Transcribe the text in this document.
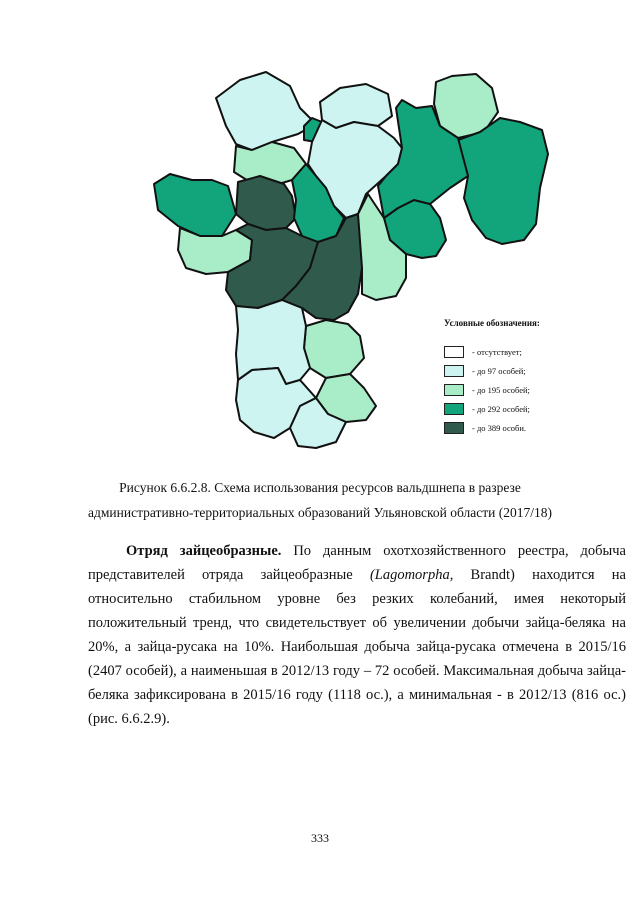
Условные обозначения:
- отсутствует;
- до 97 особей;
- до 195 особей;
- до 292 особей;
- до 389 особи.
Рисунок 6.6.2.8. Схема использования ресурсов вальдшнепа в разрезе
административно-территориальных образований Ульяновской области (2017/18)

Отряд зайцеобразные. По данным охотхозяйственного реестра, добыча представителей отряда зайцеобразные (Lagomorpha, Brandt) находится на относительно стабильном уровне без резких колебаний, имея некоторый положительный тренд, что свидетельствует об увеличении добычи зайца-беляка на 20%, а зайца-русака на 10%. Наибольшая добыча зайца-русака отмечена в 2015/16 (2407 особей), а наименьшая в 2012/13 году – 72 особей. Максимальная добыча зайца-беляка зафиксирована в 2015/16 году (1118 ос.), а минимальная - в 2012/13 (816 ос.) (рис. 6.6.2.9).

333
